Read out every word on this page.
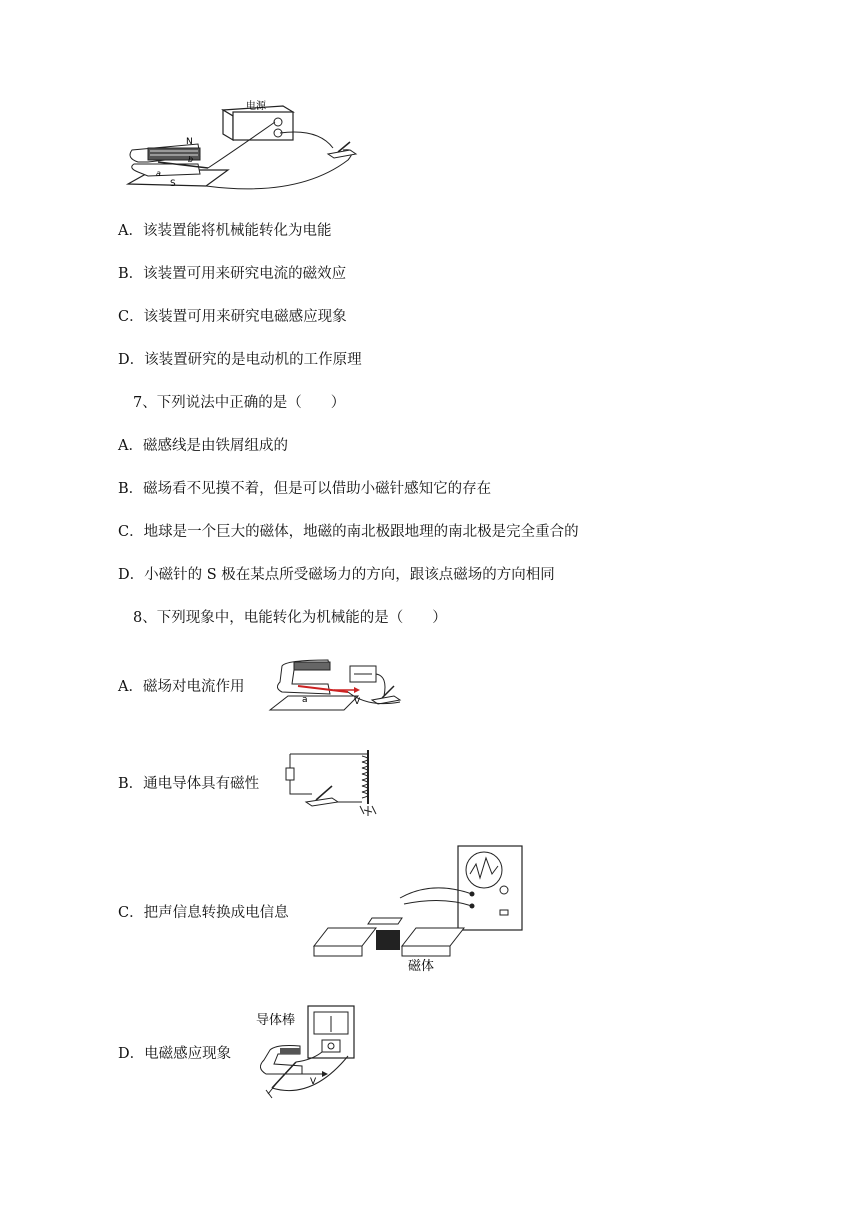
电源
N
S
a
b
A．该装置能将机械能转化为电能
B．该装置可用来研究电流的磁效应
C．该装置可用来研究电磁感应现象
D．该装置研究的是电动机的工作原理
7、下列说法中正确的是（　　）
A．磁感线是由铁屑组成的
B．磁场看不见摸不着，但是可以借助小磁针感知它的存在
C．地球是一个巨大的磁体，地磁的南北极跟地理的南北极是完全重合的
D．小磁针的 S 极在某点所受磁场力的方向，跟该点磁场的方向相同
8、下列现象中，电能转化为机械能的是（　　）
A．磁场对电流作用
a	V
B．通电导体具有磁性
C．把声信息转换成电信息
磁体
D．电磁感应现象
导体棒
V
